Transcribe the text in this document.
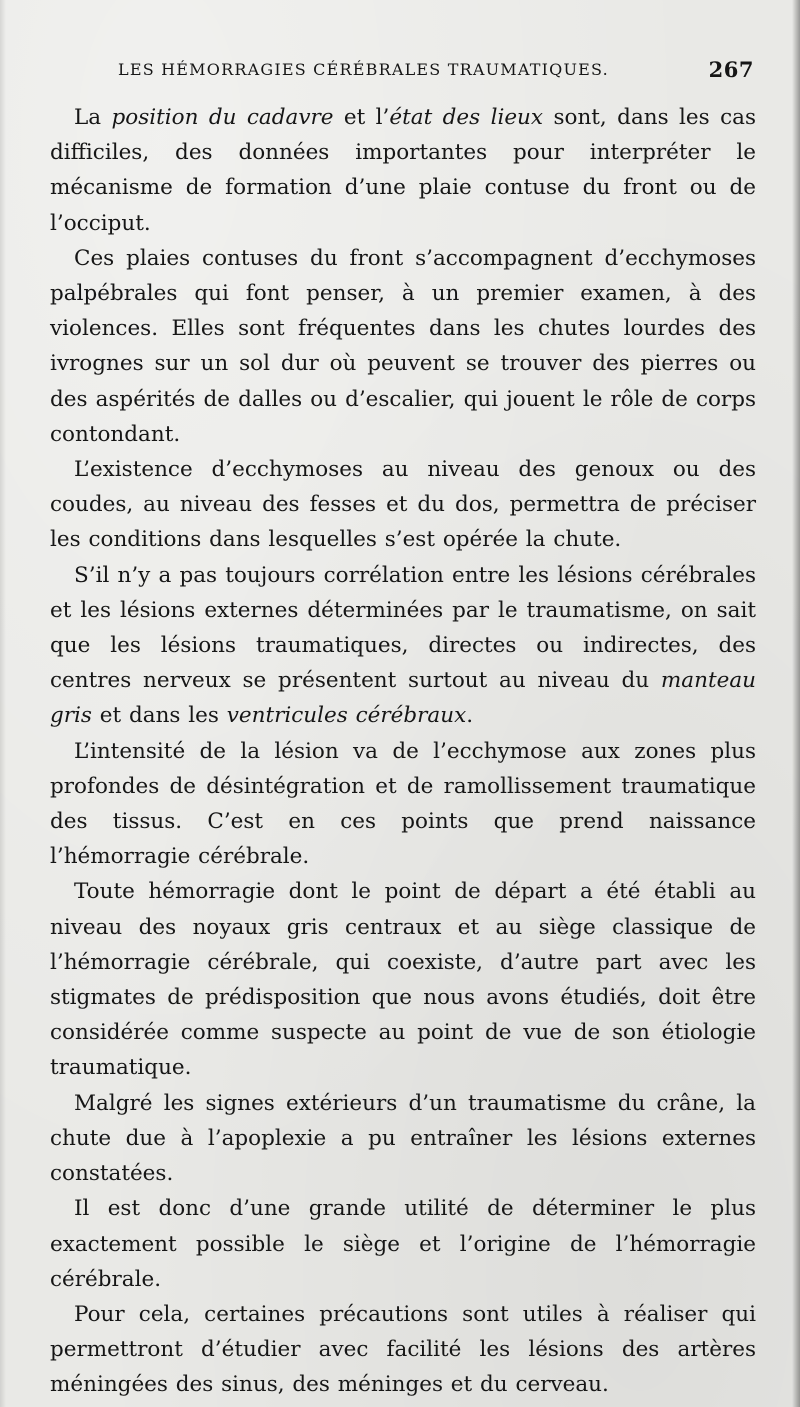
LES HÉMORRAGIES CÉRÉBRALES TRAUMATIQUES.	267

La position du cadavre et l’état des lieux sont, dans les cas difficiles, des données importantes pour interpréter le mécanisme de formation d’une plaie contuse du front ou de l’occiput.

Ces plaies contuses du front s’accompagnent d’ecchymoses palpébrales qui font penser, à un premier examen, à des violences. Elles sont fréquentes dans les chutes lourdes des ivrognes sur un sol dur où peuvent se trouver des pierres ou des aspérités de dalles ou d’escalier, qui jouent le rôle de corps contondant.

L’existence d’ecchymoses au niveau des genoux ou des coudes, au niveau des fesses et du dos, permettra de préciser les conditions dans lesquelles s’est opérée la chute.

S’il n’y a pas toujours corrélation entre les lésions cérébrales et les lésions externes déterminées par le traumatisme, on sait que les lésions traumatiques, directes ou indirectes, des centres nerveux se présentent surtout au niveau du manteau gris et dans les ventricules cérébraux.

L’intensité de la lésion va de l’ecchymose aux zones plus profondes de désintégration et de ramollissement traumatique des tissus. C’est en ces points que prend naissance l’hémorragie cérébrale.

Toute hémorragie dont le point de départ a été établi au niveau des noyaux gris centraux et au siège classique de l’hémorragie cérébrale, qui coexiste, d’autre part avec les stigmates de prédisposition que nous avons étudiés, doit être considérée comme suspecte au point de vue de son étiologie traumatique.

Malgré les signes extérieurs d’un traumatisme du crâne, la chute due à l’apoplexie a pu entraîner les lésions externes constatées.

Il est donc d’une grande utilité de déterminer le plus exactement possible le siège et l’origine de l’hémorragie cérébrale.

Pour cela, certaines précautions sont utiles à réaliser qui permettront d’étudier avec facilité les lésions des artères méningées des sinus, des méninges et du cerveau.
